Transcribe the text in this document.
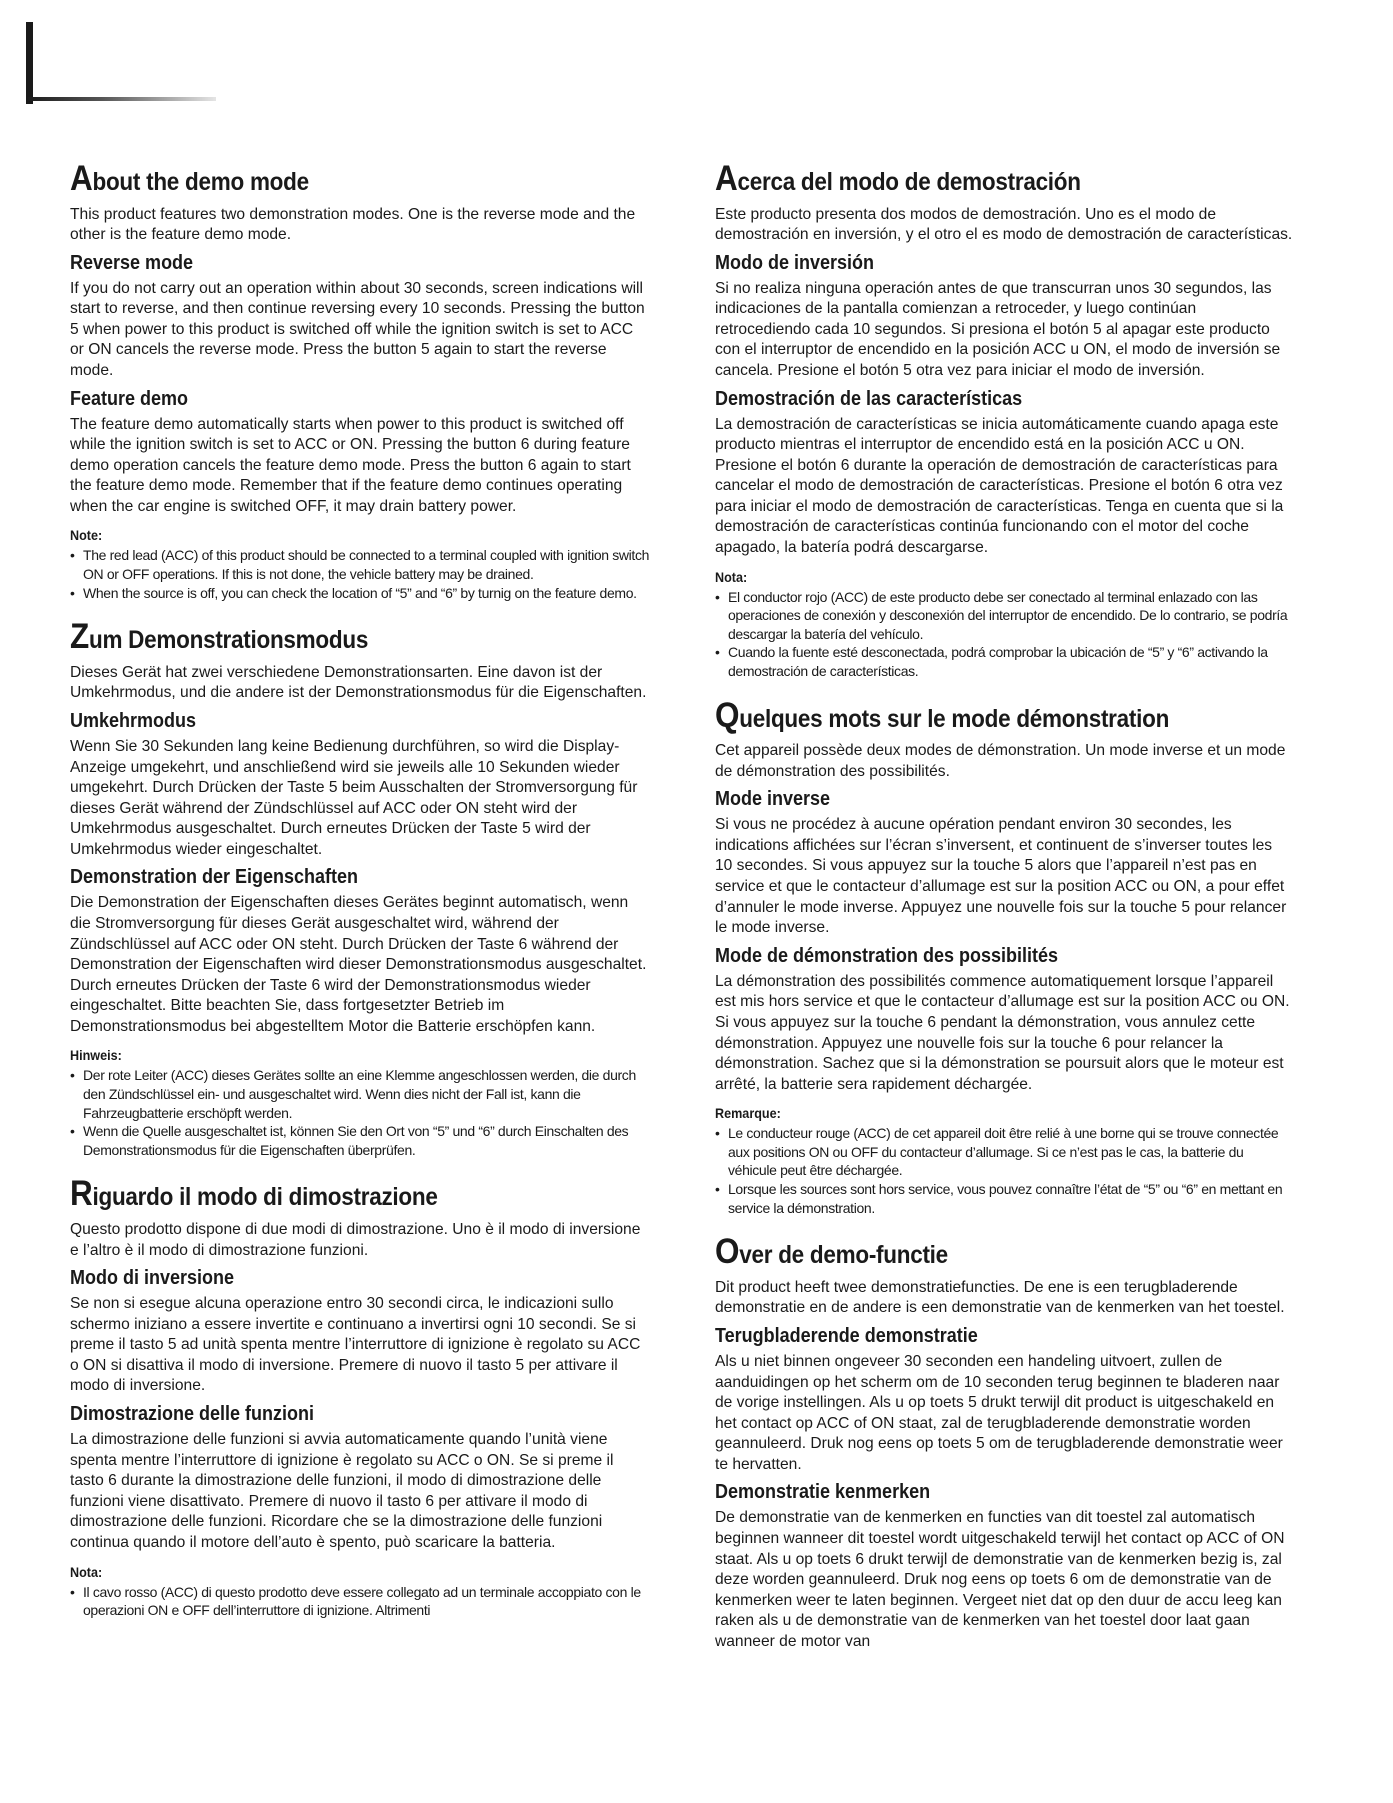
About the demo mode

This product features two demonstration modes. One is the reverse mode and the other is the feature demo mode.

Reverse mode

If you do not carry out an operation within about 30 seconds, screen indications will start to reverse, and then continue reversing every 10 seconds. Pressing the button 5 when power to this product is switched off while the ignition switch is set to ACC or ON cancels the reverse mode. Press the button 5 again to start the reverse mode.

Feature demo

The feature demo automatically starts when power to this product is switched off while the ignition switch is set to ACC or ON. Pressing the button 6 during feature demo operation cancels the feature demo mode. Press the button 6 again to start the feature demo mode. Remember that if the feature demo continues operating when the car engine is switched OFF, it may drain battery power.

Note:
• The red lead (ACC) of this product should be connected to a terminal coupled with ignition switch ON or OFF operations. If this is not done, the vehicle battery may be drained.
• When the source is off, you can check the location of “5” and “6” by turnig on the feature demo.
Zum Demonstrationsmodus

Dieses Gerät hat zwei verschiedene Demonstrationsarten. Eine davon ist der Umkehrmodus, und die andere ist der Demonstrationsmodus für die Eigenschaften.

Umkehrmodus

Wenn Sie 30 Sekunden lang keine Bedienung durchführen, so wird die Display-Anzeige umgekehrt, und anschließend wird sie jeweils alle 10 Sekunden wieder umgekehrt. Durch Drücken der Taste 5 beim Ausschalten der Stromversorgung für dieses Gerät während der Zündschlüssel auf ACC oder ON steht wird der Umkehrmodus ausgeschaltet. Durch erneutes Drücken der Taste 5 wird der Umkehrmodus wieder eingeschaltet.

Demonstration der Eigenschaften

Die Demonstration der Eigenschaften dieses Gerätes beginnt automatisch, wenn die Stromversorgung für dieses Gerät ausgeschaltet wird, während der Zündschlüssel auf ACC oder ON steht. Durch Drücken der Taste 6 während der Demonstration der Eigenschaften wird dieser Demonstrationsmodus ausgeschaltet. Durch erneutes Drücken der Taste 6 wird der Demonstrationsmodus wieder eingeschaltet. Bitte beachten Sie, dass fortgesetzter Betrieb im Demonstrationsmodus bei abgestelltem Motor die Batterie erschöpfen kann.

Hinweis:
• Der rote Leiter (ACC) dieses Gerätes sollte an eine Klemme angeschlossen werden, die durch den Zündschlüssel ein- und ausgeschaltet wird. Wenn dies nicht der Fall ist, kann die Fahrzeugbatterie erschöpft werden.
• Wenn die Quelle ausgeschaltet ist, können Sie den Ort von “5” und “6” durch Einschalten des Demonstrationsmodus für die Eigenschaften überprüfen.
Riguardo il modo di dimostrazione

Questo prodotto dispone di due modi di dimostrazione. Uno è il modo di inversione e l’altro è il modo di dimostrazione funzioni.

Modo di inversione

Se non si esegue alcuna operazione entro 30 secondi circa, le indicazioni sullo schermo iniziano a essere invertite e continuano a invertirsi ogni 10 secondi. Se si preme il tasto 5 ad unità spenta mentre l’interruttore di ignizione è regolato su ACC o ON si disattiva il modo di inversione. Premere di nuovo il tasto 5 per attivare il modo di inversione.

Dimostrazione delle funzioni

La dimostrazione delle funzioni si avvia automaticamente quando l’unità viene spenta mentre l’interruttore di ignizione è regolato su ACC o ON. Se si preme il tasto 6 durante la dimostrazione delle funzioni, il modo di dimostrazione delle funzioni viene disattivato. Premere di nuovo il tasto 6 per attivare il modo di dimostrazione delle funzioni. Ricordare che se la dimostrazione delle funzioni continua quando il motore dell’auto è spento, può scaricare la batteria.

Nota:
• Il cavo rosso (ACC) di questo prodotto deve essere collegato ad un terminale accoppiato con le operazioni ON e OFF dell’interruttore di ignizione. Altrimenti
Acerca del modo de demostración

Este producto presenta dos modos de demostración. Uno es el modo de demostración en inversión, y el otro el es modo de demostración de características.

Modo de inversión

Si no realiza ninguna operación antes de que transcurran unos 30 segundos, las indicaciones de la pantalla comienzan a retroceder, y luego continúan retrocediendo cada 10 segundos. Si presiona el botón 5 al apagar este producto con el interruptor de encendido en la posición ACC u ON, el modo de inversión se cancela. Presione el botón 5 otra vez para iniciar el modo de inversión.

Demostración de las características

La demostración de características se inicia automáticamente cuando apaga este producto mientras el interruptor de encendido está en la posición ACC u ON. Presione el botón 6 durante la operación de demostración de características para cancelar el modo de demostración de características. Presione el botón 6 otra vez para iniciar el modo de demostración de características. Tenga en cuenta que si la demostración de características continúa funcionando con el motor del coche apagado, la batería podrá descargarse.

Nota:
• El conductor rojo (ACC) de este producto debe ser conectado al terminal enlazado con las operaciones de conexión y desconexión del interruptor de encendido. De lo contrario, se podría descargar la batería del vehículo.
• Cuando la fuente esté desconectada, podrá comprobar la ubicación de “5” y “6” activando la demostración de características.
Quelques mots sur le mode démonstration

Cet appareil possède deux modes de démonstration. Un mode inverse et un mode de démonstration des possibilités.

Mode inverse

Si vous ne procédez à aucune opération pendant environ 30 secondes, les indications affichées sur l’écran s’inversent, et continuent de s’inverser toutes les 10 secondes. Si vous appuyez sur la touche 5 alors que l’appareil n’est pas en service et que le contacteur d’allumage est sur la position ACC ou ON, a pour effet d’annuler le mode inverse. Appuyez une nouvelle fois sur la touche 5 pour relancer le mode inverse.

Mode de démonstration des possibilités

La démonstration des possibilités commence automatiquement lorsque l’appareil est mis hors service et que le contacteur d’allumage est sur la position ACC ou ON. Si vous appuyez sur la touche 6 pendant la démonstration, vous annulez cette démonstration. Appuyez une nouvelle fois sur la touche 6 pour relancer la démonstration. Sachez que si la démonstration se poursuit alors que le moteur est arrêté, la batterie sera rapidement déchargée.

Remarque:
• Le conducteur rouge (ACC) de cet appareil doit être relié à une borne qui se trouve connectée aux positions ON ou OFF du contacteur d’allumage. Si ce n’est pas le cas, la batterie du véhicule peut être déchargée.
• Lorsque les sources sont hors service, vous pouvez connaître l’état de “5” ou “6” en mettant en service la démonstration.
Over de demo-functie

Dit product heeft twee demonstratiefuncties. De ene is een terugbladerende demonstratie en de andere is een demonstratie van de kenmerken van het toestel.

Terugbladerende demonstratie

Als u niet binnen ongeveer 30 seconden een handeling uitvoert, zullen de aanduidingen op het scherm om de 10 seconden terug beginnen te bladeren naar de vorige instellingen. Als u op toets 5 drukt terwijl dit product is uitgeschakeld en het contact op ACC of ON staat, zal de terugbladerende demonstratie worden geannuleerd. Druk nog eens op toets 5 om de terugbladerende demonstratie weer te hervatten.

Demonstratie kenmerken

De demonstratie van de kenmerken en functies van dit toestel zal automatisch beginnen wanneer dit toestel wordt uitgeschakeld terwijl het contact op ACC of ON staat. Als u op toets 6 drukt terwijl de demonstratie van de kenmerken bezig is, zal deze worden geannuleerd. Druk nog eens op toets 6 om de demonstratie van de kenmerken weer te laten beginnen. Vergeet niet dat op den duur de accu leeg kan raken als u de demonstratie van de kenmerken van het toestel door laat gaan wanneer de motor van
